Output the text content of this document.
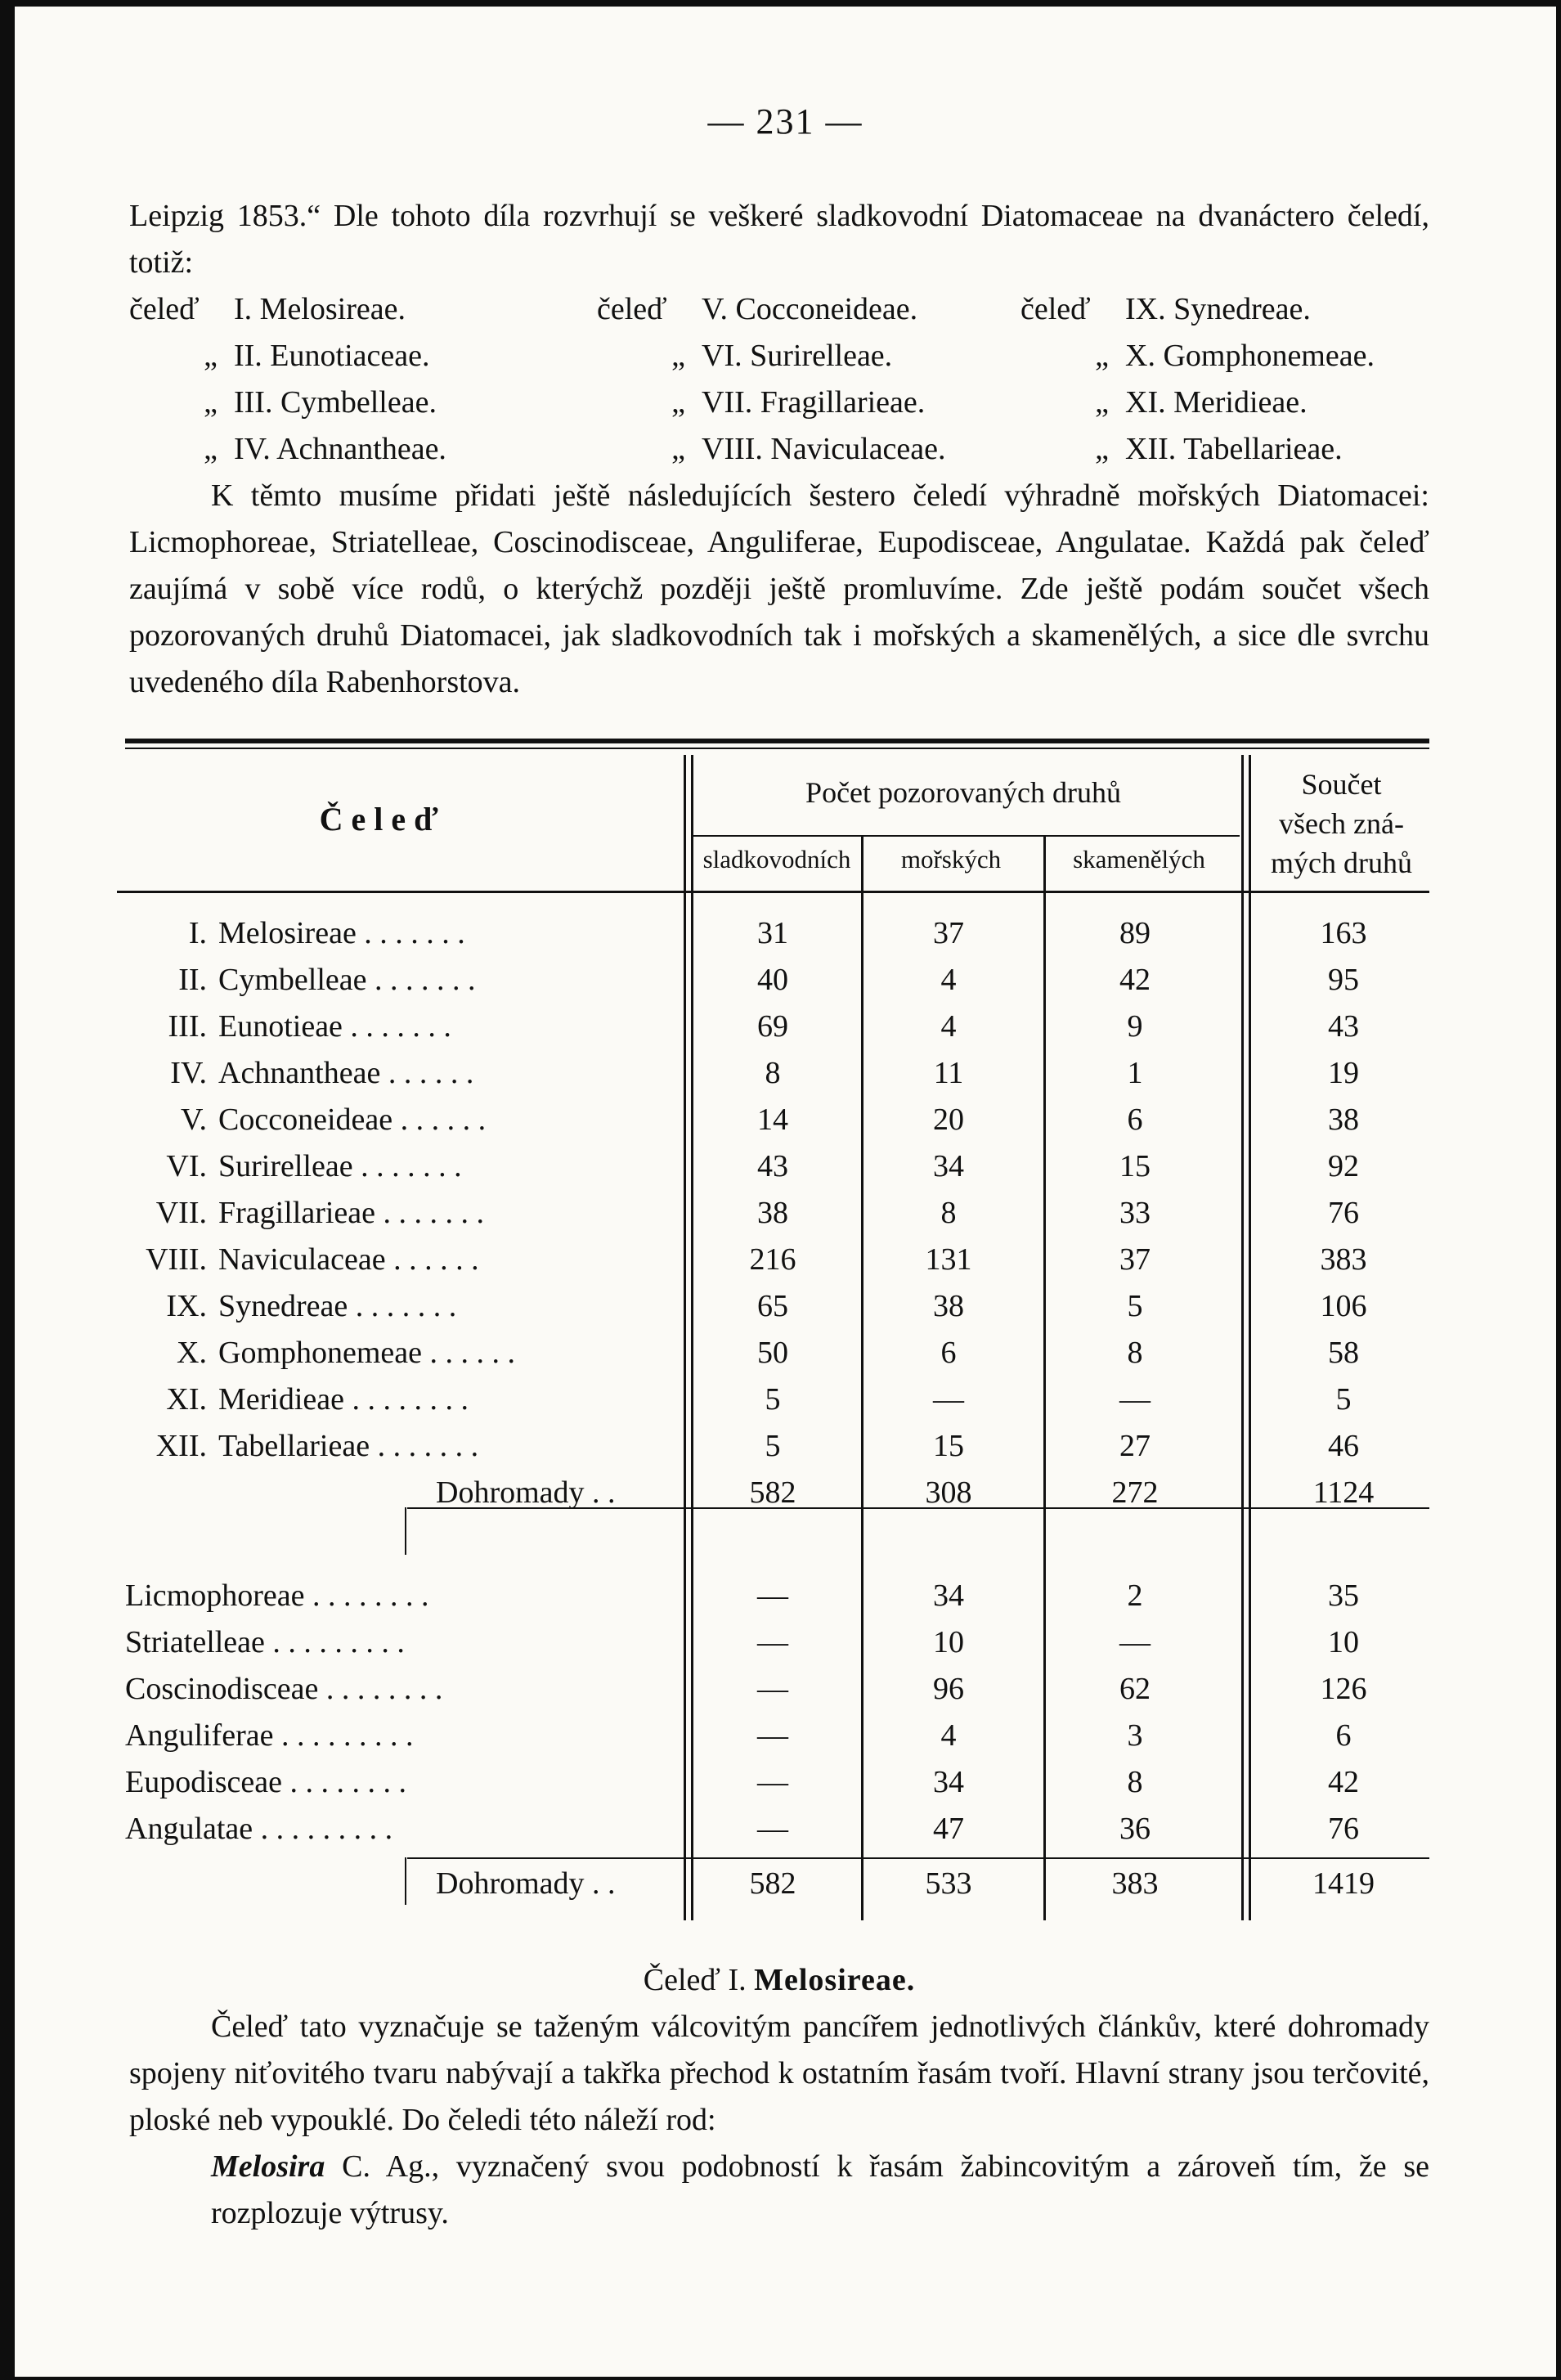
— 231 —

Leipzig 1853.“ Dle tohoto díla rozvrhují se veškeré sladkovodní Diatomaceae na dvanáctero čeledí, totiž:

čeleď	I. Melosireae.	čeleď	V. Cocconeideae.	čeleď	IX. Synedreae.
„ II. Eunotiaceae.	„ VI. Surirelleae.	„ X. Gomphonemeae.
„ III. Cymbelleae.	„ VII. Fragillarieae.	„ XI. Meridieae.
„ IV. Achnantheae.	„ VIII. Naviculaceae.	„ XII. Tabellarieae.

K těmto musíme přidati ještě následujících šestero čeledí výhradně mořských Diatomacei: Licmophoreae, Striatelleae, Coscinodisceae, Anguliferae, Eupodisceae, Angulatae. Každá pak čeleď zaujímá v sobě více rodů, o kterýchž později ještě promluvíme. Zde ještě podám součet všech pozorovaných druhů Diatomacei, jak sladkovodních tak i mořských a skamenělých, a sice dle svrchu uvedeného díla Rabenhorstova.

Č e l e ď
Počet pozorovaných druhů
sladkovodních	mořských	skamenělých
Součet
všech zná-
mých druhů
I. Melosireae . . . . . . .	31	37	89	163
II. Cymbelleae . . . . . . .	40	4	42	95
III. Eunotieae . . . . . . .	69	4	9	43
IV. Achnantheae . . . . . .	8	11	1	19
V. Cocconeideae . . . . . .	14	20	6	38
VI. Surirelleae . . . . . . .	43	34	15	92
VII. Fragillarieae . . . . . . .	38	8	33	76
VIII. Naviculaceae . . . . . .	216	131	37	383
IX. Synedreae . . . . . . .	65	38	5	106
X. Gomphonemeae . . . . . .	50	6	8	58
XI. Meridieae . . . . . . . .	5	—	—	5
XII. Tabellarieae . . . . . . .	5	15	27	46
Dohromady . .	582	308	272	1124
Licmophoreae . . . . . . . .	—	34	2	35
Striatelleae . . . . . . . . .	—	10	—	10
Coscinodisceae . . . . . . . .	—	96	62	126
Anguliferae . . . . . . . . .	—	4	3	6
Eupodisceae . . . . . . . .	—	34	8	42
Angulatae . . . . . . . . .	—	47	36	76
Dohromady . .	582	533	383	1419

Čeleď I. Melosireae.

Čeleď tato vyznačuje se taženým válcovitým pancířem jednotlivých článkův, které dohromady spojeny niťovitého tvaru nabývají a takřka přechod k ostatním řasám tvoří. Hlavní strany jsou terčovité, ploské neb vypouklé. Do čeledi této náleží rod:

Melosira C. Ag., vyznačený svou podobností k řasám žabincovitým a zároveň tím, že se rozplozuje výtrusy.
